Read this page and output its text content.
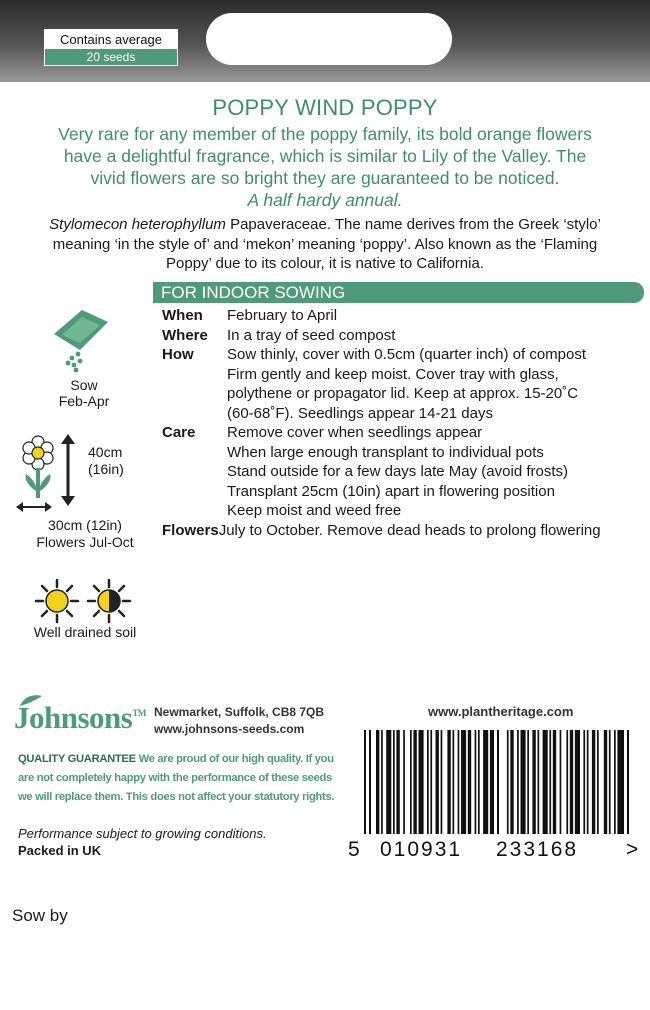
Contains average
20 seeds
POPPY WIND POPPY
Very rare for any member of the poppy family, its bold orange flowers
have a delightful fragrance, which is similar to Lily of the Valley. The
vivid flowers are so bright they are guaranteed to be noticed.
A half hardy annual.
Stylomecon heterophyllum Papaveraceae. The name derives from the Greek ‘stylo’
meaning ‘in the style of’ and ‘mekon’ meaning ‘poppy’. Also known as the ‘Flaming
Poppy’ due to its colour, it is native to California.
FOR INDOOR SOWING
When	February to April
Where	In a tray of seed compost
How	Sow thinly, cover with 0.5cm (quarter inch) of compost
Firm gently and keep moist. Cover tray with glass,
polythene or propagator lid. Keep at approx. 15-20˚C
(60-68˚F). Seedlings appear 14-21 days
Care	Remove cover when seedlings appear
When large enough transplant to individual pots
Stand outside for a few days late May (avoid frosts)
Transplant 25cm (10in) apart in flowering position
Keep moist and weed free
Flowers July to October. Remove dead heads to prolong flowering
Sow
Feb-Apr
40cm
(16in)
30cm (12in)
Flowers Jul-Oct
Well drained soil
Johnsons™ Newmarket, Suffolk, CB8 7QB
www.johnsons-seeds.com
www.plantheritage.com
QUALITY GUARANTEE We are proud of our high quality. If you
are not completely happy with the performance of these seeds
we will replace them. This does not affect your statutory rights.
Performance subject to growing conditions.
Packed in UK	5 010931 233168 >
Sow by
